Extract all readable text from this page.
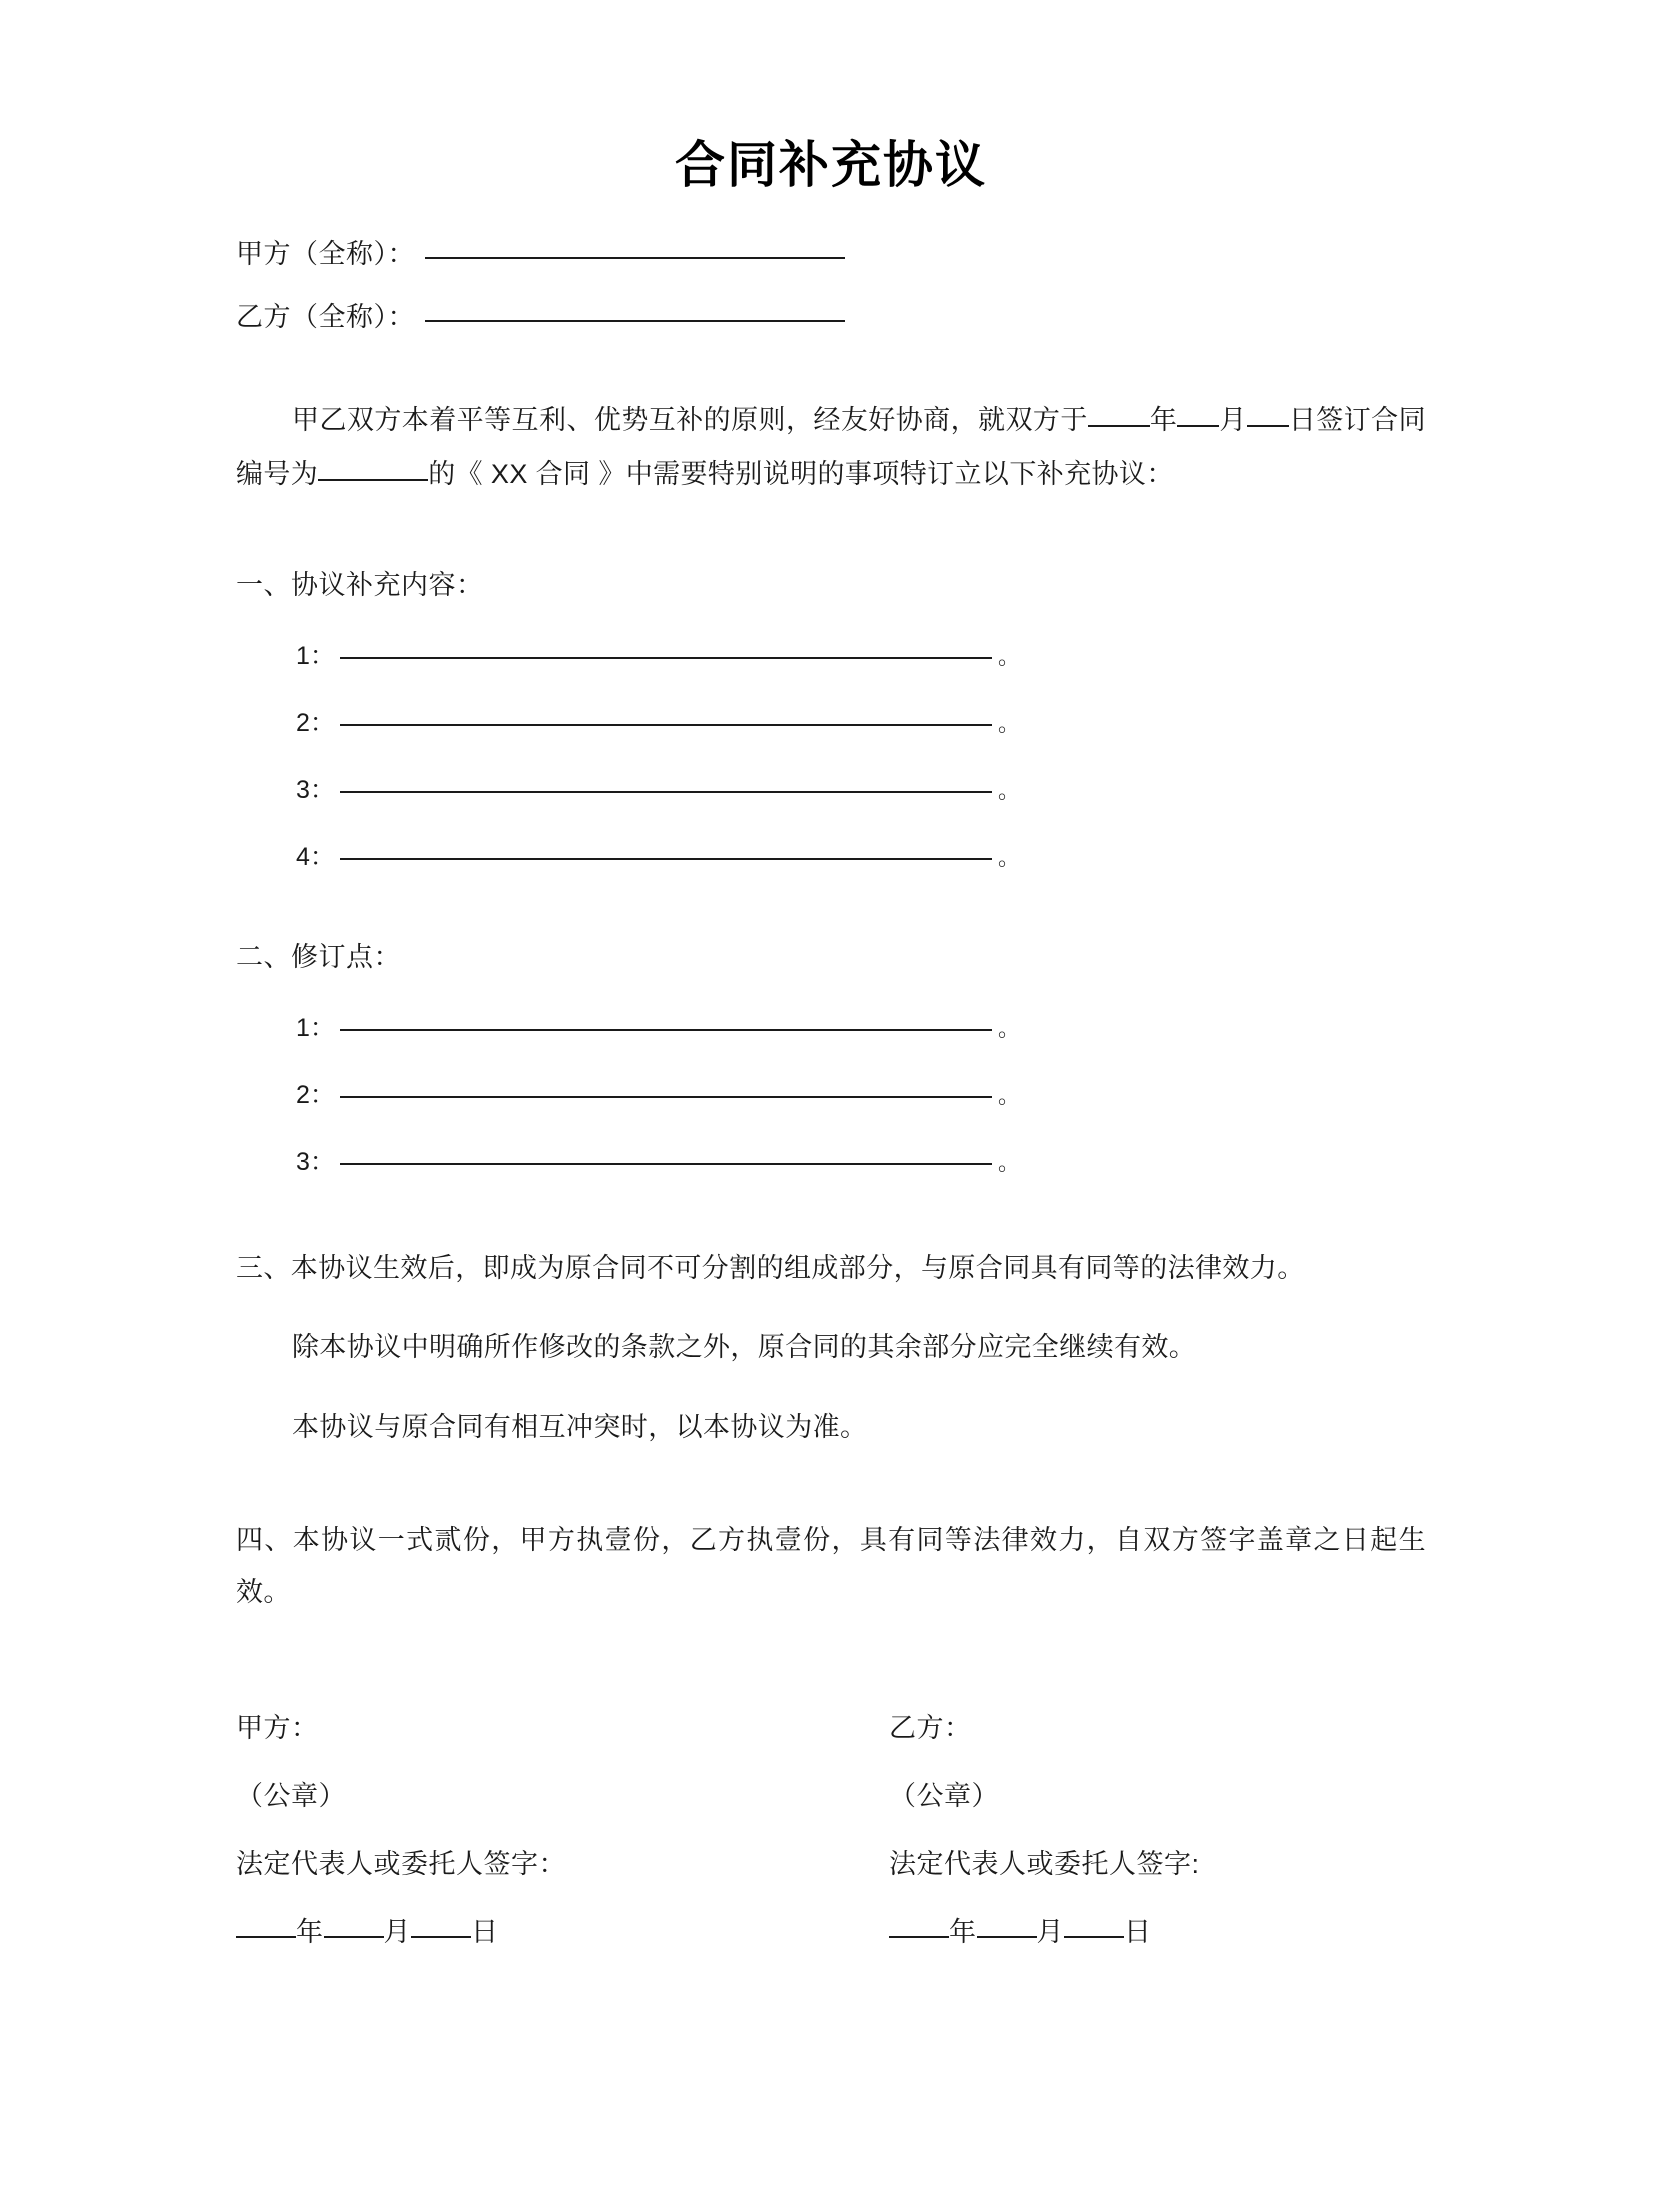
合同补充协议
甲方（全称）：
乙方（全称）：

甲乙双方本着平等互利、优势互补的原则，经友好协商，就双方于 年 月 日签订合同编号为	的《 XX 合同 》中需要特别说明的事项特订立以下补充协议：

一、协议补充内容：
1：	。
2：	。
3：	。
4：	。
二、修订点：
1：	。
2：	。
3：	。

三、本协议生效后，即成为原合同不可分割的组成部分，与原合同具有同等的法律效力。

除本协议中明确所作修改的条款之外，原合同的其余部分应完全继续有效。

本协议与原合同有相互冲突时，以本协议为准。

四、本协议一式贰份，甲方执壹份，乙方执壹份，具有同等法律效力，自双方签字盖章之日起生效。

甲方：
（公章）
法定代表人或委托人签字：
年 月 日
乙方：
（公章）
法定代表人或委托人签字:
年 月 日
